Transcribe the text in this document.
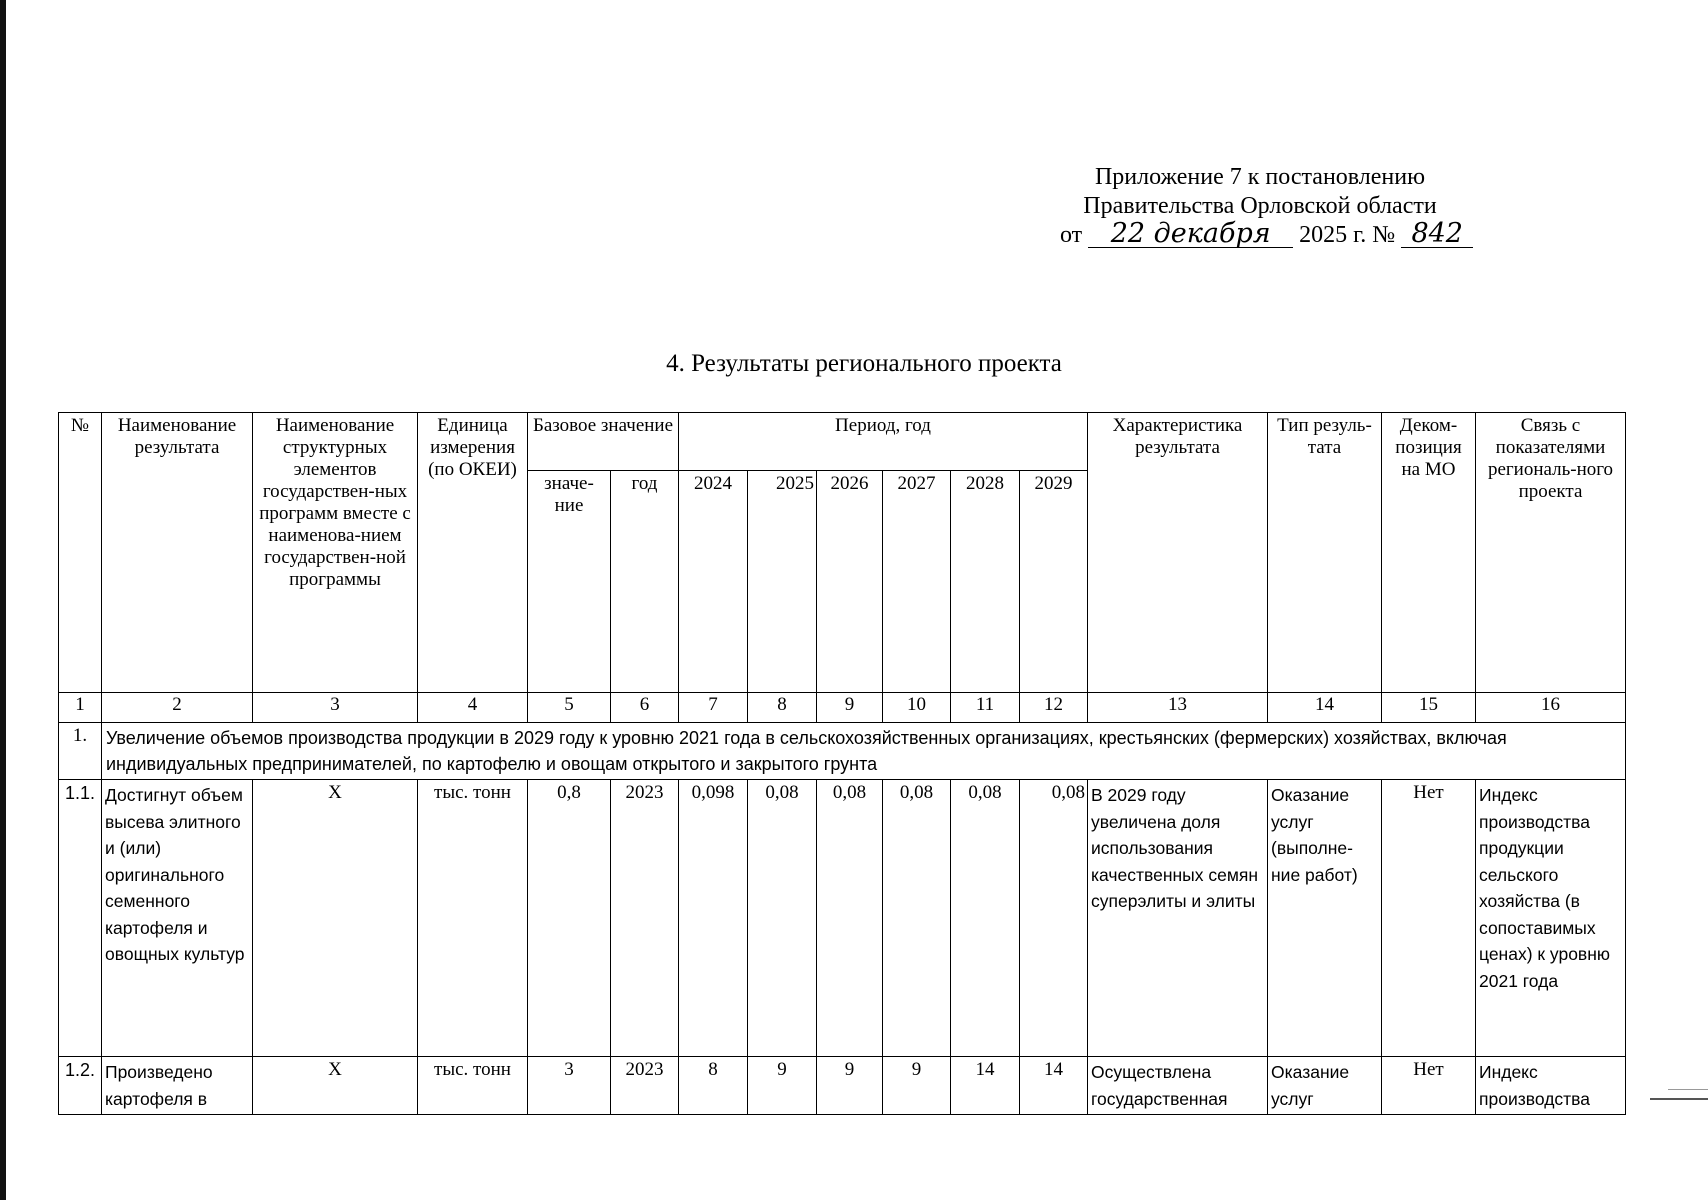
Приложение 7 к постановлению
Правительства Орловской области
от 22 декабря 2025 г. № 842
4. Результаты регионального проекта
№	Наименование результата	Наименование структурных элементов государствен-ных программ вместе с наименова-нием государствен-ной программы	Единица измерения (по ОКЕИ)	Базовое значение		Период, год						Характеристика результата	Тип резуль-тата	Деком-позиция на МО	Связь с показателями региональ-ного проекта
				значе-ние	год	2024	2025	2026	2027	2028	2029				
1	2	3	4	5	6	7	8	9	10	11	12	13	14	15	16
1.	Увеличение объемов производства продукции в 2029 году к уровню 2021 года в сельскохозяйственных организациях, крестьянских (фермерских) хозяйствах, включая индивидуальных предпринимателей, по картофелю и овощам открытого и закрытого грунта														
1.1.	Достигнут объем высева элитного и (или) оригинального семенного картофеля и овощных культур	X	тыс. тонн	0,8	2023	0,098	0,08	0,08	0,08	0,08	0,08	В 2029 году увеличена доля использования качественных семян суперэлиты и элиты	Оказание услуг (выполне-ние работ)	Нет	Индекс производства продукции сельского хозяйства (в сопоставимых ценах) к уровню 2021 года
1.2.	Произведено картофеля в	X	тыс. тонн	3	2023	8	9	9	9	14	14	Осуществлена государственная	Оказание услуг	Нет	Индекс производства
